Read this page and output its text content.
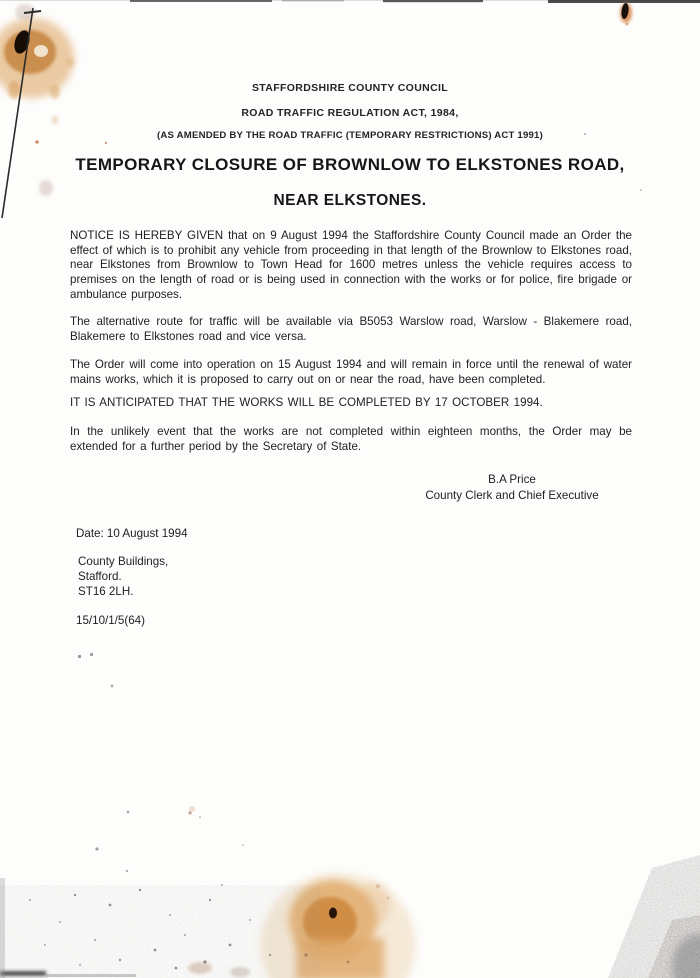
STAFFORDSHIRE COUNTY COUNCIL
ROAD TRAFFIC REGULATION ACT, 1984,
(AS AMENDED BY THE ROAD TRAFFIC (TEMPORARY RESTRICTIONS) ACT 1991)
TEMPORARY CLOSURE OF BROWNLOW TO ELKSTONES ROAD,
NEAR ELKSTONES.
NOTICE IS HEREBY GIVEN that on 9 August 1994 the Staffordshire County Council made an Order the effect of which is to prohibit any vehicle from proceeding in that length of the Brownlow to Elkstones road, near Elkstones from Brownlow to Town Head for 1600 metres unless the vehicle requires access to premises on the length of road or is being used in connection with the works or for police, fire brigade or ambulance purposes.
The alternative route for traffic will be available via B5053 Warslow road, Warslow - Blakemere road, Blakemere to Elkstones road and vice versa.
The Order will come into operation on 15 August 1994 and will remain in force until the renewal of water mains works, which it is proposed to carry out on or near the road, have been completed.
IT IS ANTICIPATED THAT THE WORKS WILL BE COMPLETED BY 17 OCTOBER 1994.
In the unlikely event that the works are not completed within eighteen months, the Order may be extended for a further period by the Secretary of State.
B.A Price
County Clerk and Chief Executive
Date: 10 August 1994
County Buildings,
Stafford.
ST16 2LH.
15/10/1/5(64)
